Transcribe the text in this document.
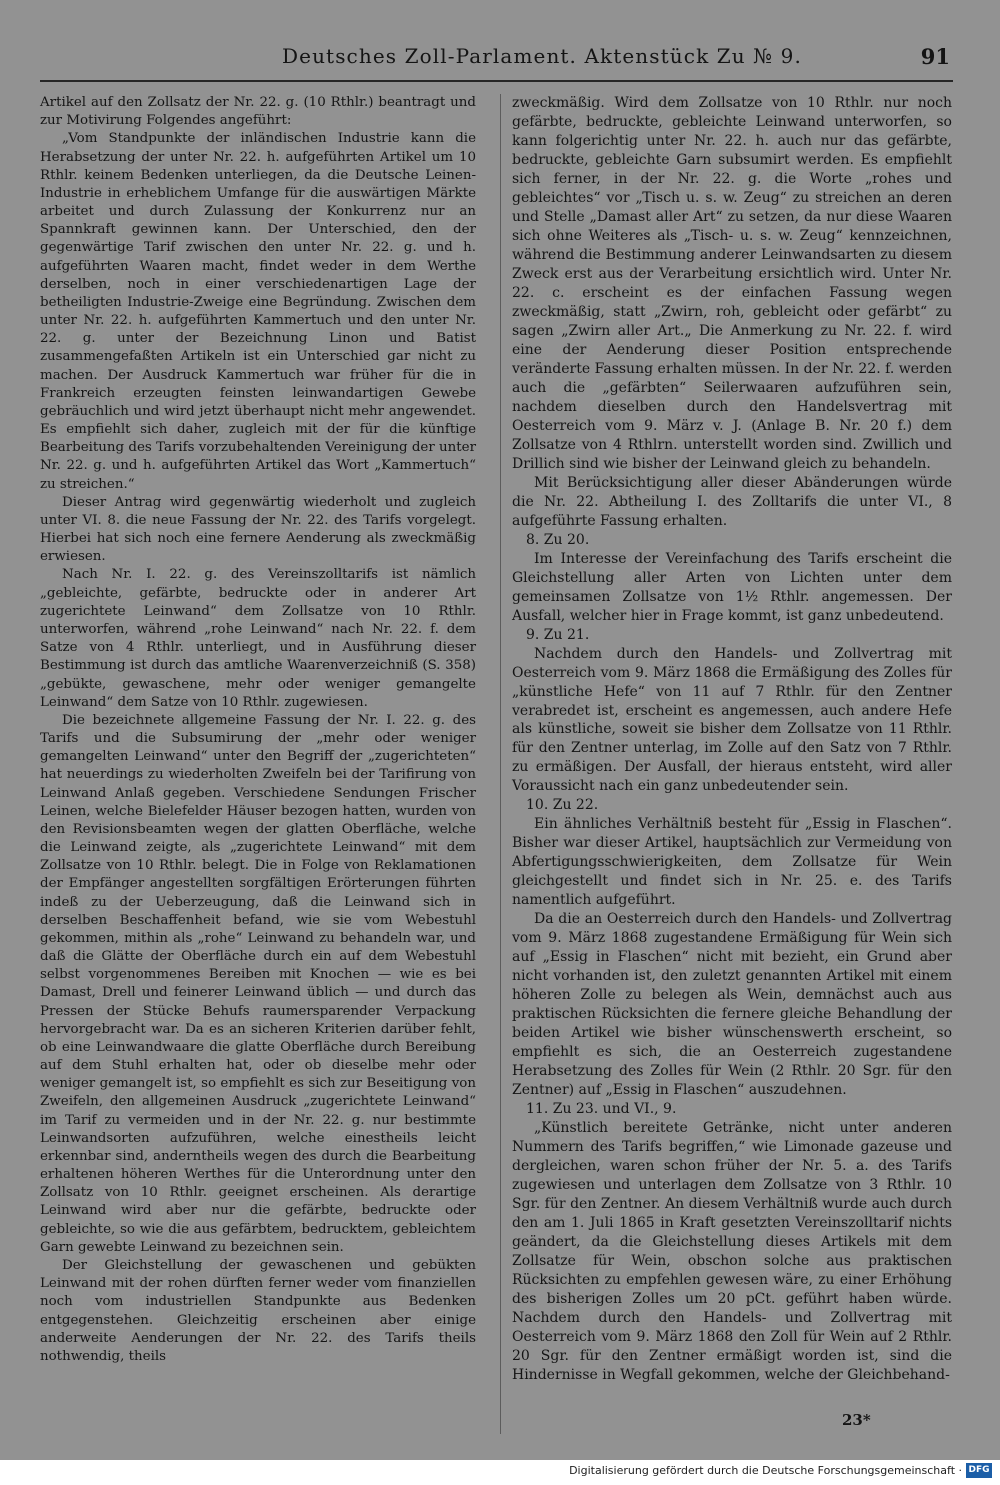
Deutsches Zoll-Parlament. Aktenstück Zu № 9.	91

Artikel auf den Zollsatz der Nr. 22. g. (10 Rthlr.) beantragt und zur Motivirung Folgendes angeführt:

„Vom Standpunkte der inländischen Industrie kann die Herabsetzung der unter Nr. 22. h. aufgeführten Artikel um 10 Rthlr. keinem Bedenken unterliegen, da die Deutsche Leinen-Industrie in erheblichem Umfange für die auswärtigen Märkte arbeitet und durch Zulassung der Konkurrenz nur an Spannkraft gewinnen kann. Der Unterschied, den der gegenwärtige Tarif zwischen den unter Nr. 22. g. und h. aufgeführten Waaren macht, findet weder in dem Werthe derselben, noch in einer verschiedenartigen Lage der betheiligten Industrie-Zweige eine Begründung. Zwischen dem unter Nr. 22. h. aufgeführten Kammertuch und den unter Nr. 22. g. unter der Bezeichnung Linon und Batist zusammengefaßten Artikeln ist ein Unterschied gar nicht zu machen. Der Ausdruck Kammertuch war früher für die in Frankreich erzeugten feinsten leinwandartigen Gewebe gebräuchlich und wird jetzt überhaupt nicht mehr angewendet. Es empfiehlt sich daher, zugleich mit der für die künftige Bearbeitung des Tarifs vorzubehaltenden Vereinigung der unter Nr. 22. g. und h. aufgeführten Artikel das Wort „Kammertuch“ zu streichen.“

Dieser Antrag wird gegenwärtig wiederholt und zugleich unter VI. 8. die neue Fassung der Nr. 22. des Tarifs vorgelegt. Hierbei hat sich noch eine fernere Aenderung als zweckmäßig erwiesen.

Nach Nr. I. 22. g. des Vereinszolltarifs ist nämlich „gebleichte, gefärbte, bedruckte oder in anderer Art zugerichtete Leinwand“ dem Zollsatze von 10 Rthlr. unterworfen, während „rohe Leinwand“ nach Nr. 22. f. dem Satze von 4 Rthlr. unterliegt, und in Ausführung dieser Bestimmung ist durch das amtliche Waarenverzeichniß (S. 358) „gebükte, gewaschene, mehr oder weniger gemangelte Leinwand“ dem Satze von 10 Rthlr. zugewiesen.

Die bezeichnete allgemeine Fassung der Nr. I. 22. g. des Tarifs und die Subsumirung der „mehr oder weniger gemangelten Leinwand“ unter den Begriff der „zugerichteten“ hat neuerdings zu wiederholten Zweifeln bei der Tarifirung von Leinwand Anlaß gegeben. Verschiedene Sendungen Frischer Leinen, welche Bielefelder Häuser bezogen hatten, wurden von den Revisionsbeamten wegen der glatten Oberfläche, welche die Leinwand zeigte, als „zugerichtete Leinwand“ mit dem Zollsatze von 10 Rthlr. belegt. Die in Folge von Reklamationen der Empfänger angestellten sorgfältigen Erörterungen führten indeß zu der Ueberzeugung, daß die Leinwand sich in derselben Beschaffenheit befand, wie sie vom Webestuhl gekommen, mithin als „rohe“ Leinwand zu behandeln war, und daß die Glätte der Oberfläche durch ein auf dem Webestuhl selbst vorgenommenes Bereiben mit Knochen — wie es bei Damast, Drell und feinerer Leinwand üblich — und durch das Pressen der Stücke Behufs raumersparender Verpackung hervorgebracht war. Da es an sicheren Kriterien darüber fehlt, ob eine Leinwandwaare die glatte Oberfläche durch Bereibung auf dem Stuhl erhalten hat, oder ob dieselbe mehr oder weniger gemangelt ist, so empfiehlt es sich zur Beseitigung von Zweifeln, den allgemeinen Ausdruck „zugerichtete Leinwand“ im Tarif zu vermeiden und in der Nr. 22. g. nur bestimmte Leinwandsorten aufzuführen, welche einestheils leicht erkennbar sind, anderntheils wegen des durch die Bearbeitung erhaltenen höheren Werthes für die Unterordnung unter den Zollsatz von 10 Rthlr. geeignet erscheinen. Als derartige Leinwand wird aber nur die gefärbte, bedruckte oder gebleichte, so wie die aus gefärbtem, bedrucktem, gebleichtem Garn gewebte Leinwand zu bezeichnen sein.

Der Gleichstellung der gewaschenen und gebükten Leinwand mit der rohen dürften ferner weder vom finanziellen noch vom industriellen Standpunkte aus Bedenken entgegenstehen. Gleichzeitig erscheinen aber einige anderweite Aenderungen der Nr. 22. des Tarifs theils nothwendig, theils

zweckmäßig. Wird dem Zollsatze von 10 Rthlr. nur noch gefärbte, bedruckte, gebleichte Leinwand unterworfen, so kann folgerichtig unter Nr. 22. h. auch nur das gefärbte, bedruckte, gebleichte Garn subsumirt werden. Es empfiehlt sich ferner, in der Nr. 22. g. die Worte „rohes und gebleichtes“ vor „Tisch u. s. w. Zeug“ zu streichen an deren und Stelle „Damast aller Art“ zu setzen, da nur diese Waaren sich ohne Weiteres als „Tisch- u. s. w. Zeug“ kennzeichnen, während die Bestimmung anderer Leinwandsarten zu diesem Zweck erst aus der Verarbeitung ersichtlich wird. Unter Nr. 22. c. erscheint es der einfachen Fassung wegen zweckmäßig, statt „Zwirn, roh, gebleicht oder gefärbt“ zu sagen „Zwirn aller Art.„ Die Anmerkung zu Nr. 22. f. wird eine der Aenderung dieser Position entsprechende veränderte Fassung erhalten müssen. In der Nr. 22. f. werden auch die „gefärbten“ Seilerwaaren aufzuführen sein, nachdem dieselben durch den Handelsvertrag mit Oesterreich vom 9. März v. J. (Anlage B. Nr. 20 f.) dem Zollsatze von 4 Rthlrn. unterstellt worden sind. Zwillich und Drillich sind wie bisher der Leinwand gleich zu behandeln.

Mit Berücksichtigung aller dieser Abänderungen würde die Nr. 22. Abtheilung I. des Zolltarifs die unter VI., 8 aufgeführte Fassung erhalten.

8. Zu 20.

Im Interesse der Vereinfachung des Tarifs erscheint die Gleichstellung aller Arten von Lichten unter dem gemeinsamen Zollsatze von 1½ Rthlr. angemessen. Der Ausfall, welcher hier in Frage kommt, ist ganz unbedeutend.

9. Zu 21.

Nachdem durch den Handels- und Zollvertrag mit Oesterreich vom 9. März 1868 die Ermäßigung des Zolles für „künstliche Hefe“ von 11 auf 7 Rthlr. für den Zentner verabredet ist, erscheint es angemessen, auch andere Hefe als künstliche, soweit sie bisher dem Zollsatze von 11 Rthlr. für den Zentner unterlag, im Zolle auf den Satz von 7 Rthlr. zu ermäßigen. Der Ausfall, der hieraus entsteht, wird aller Voraussicht nach ein ganz unbedeutender sein.

10. Zu 22.

Ein ähnliches Verhältniß besteht für „Essig in Flaschen“. Bisher war dieser Artikel, hauptsächlich zur Vermeidung von Abfertigungsschwierigkeiten, dem Zollsatze für Wein gleichgestellt und findet sich in Nr. 25. e. des Tarifs namentlich aufgeführt.

Da die an Oesterreich durch den Handels- und Zollvertrag vom 9. März 1868 zugestandene Ermäßigung für Wein sich auf „Essig in Flaschen“ nicht mit bezieht, ein Grund aber nicht vorhanden ist, den zuletzt genannten Artikel mit einem höheren Zolle zu belegen als Wein, demnächst auch aus praktischen Rücksichten die fernere gleiche Behandlung der beiden Artikel wie bisher wünschenswerth erscheint, so empfiehlt es sich, die an Oesterreich zugestandene Herabsetzung des Zolles für Wein (2 Rthlr. 20 Sgr. für den Zentner) auf „Essig in Flaschen“ auszudehnen.

11. Zu 23. und VI., 9.

„Künstlich bereitete Getränke, nicht unter anderen Nummern des Tarifs begriffen,“ wie Limonade gazeuse und dergleichen, waren schon früher der Nr. 5. a. des Tarifs zugewiesen und unterlagen dem Zollsatze von 3 Rthlr. 10 Sgr. für den Zentner. An diesem Verhältniß wurde auch durch den am 1. Juli 1865 in Kraft gesetzten Vereinszolltarif nichts geändert, da die Gleichstellung dieses Artikels mit dem Zollsatze für Wein, obschon solche aus praktischen Rücksichten zu empfehlen gewesen wäre, zu einer Erhöhung des bisherigen Zolles um 20 pCt. geführt haben würde. Nachdem durch den Handels- und Zollvertrag mit Oesterreich vom 9. März 1868 den Zoll für Wein auf 2 Rthlr. 20 Sgr. für den Zentner ermäßigt worden ist, sind die Hindernisse in Wegfall gekommen, welche der Gleichbehand-

23*
Digitalisierung gefördert durch die Deutsche Forschungsgemeinschaft · DFG
